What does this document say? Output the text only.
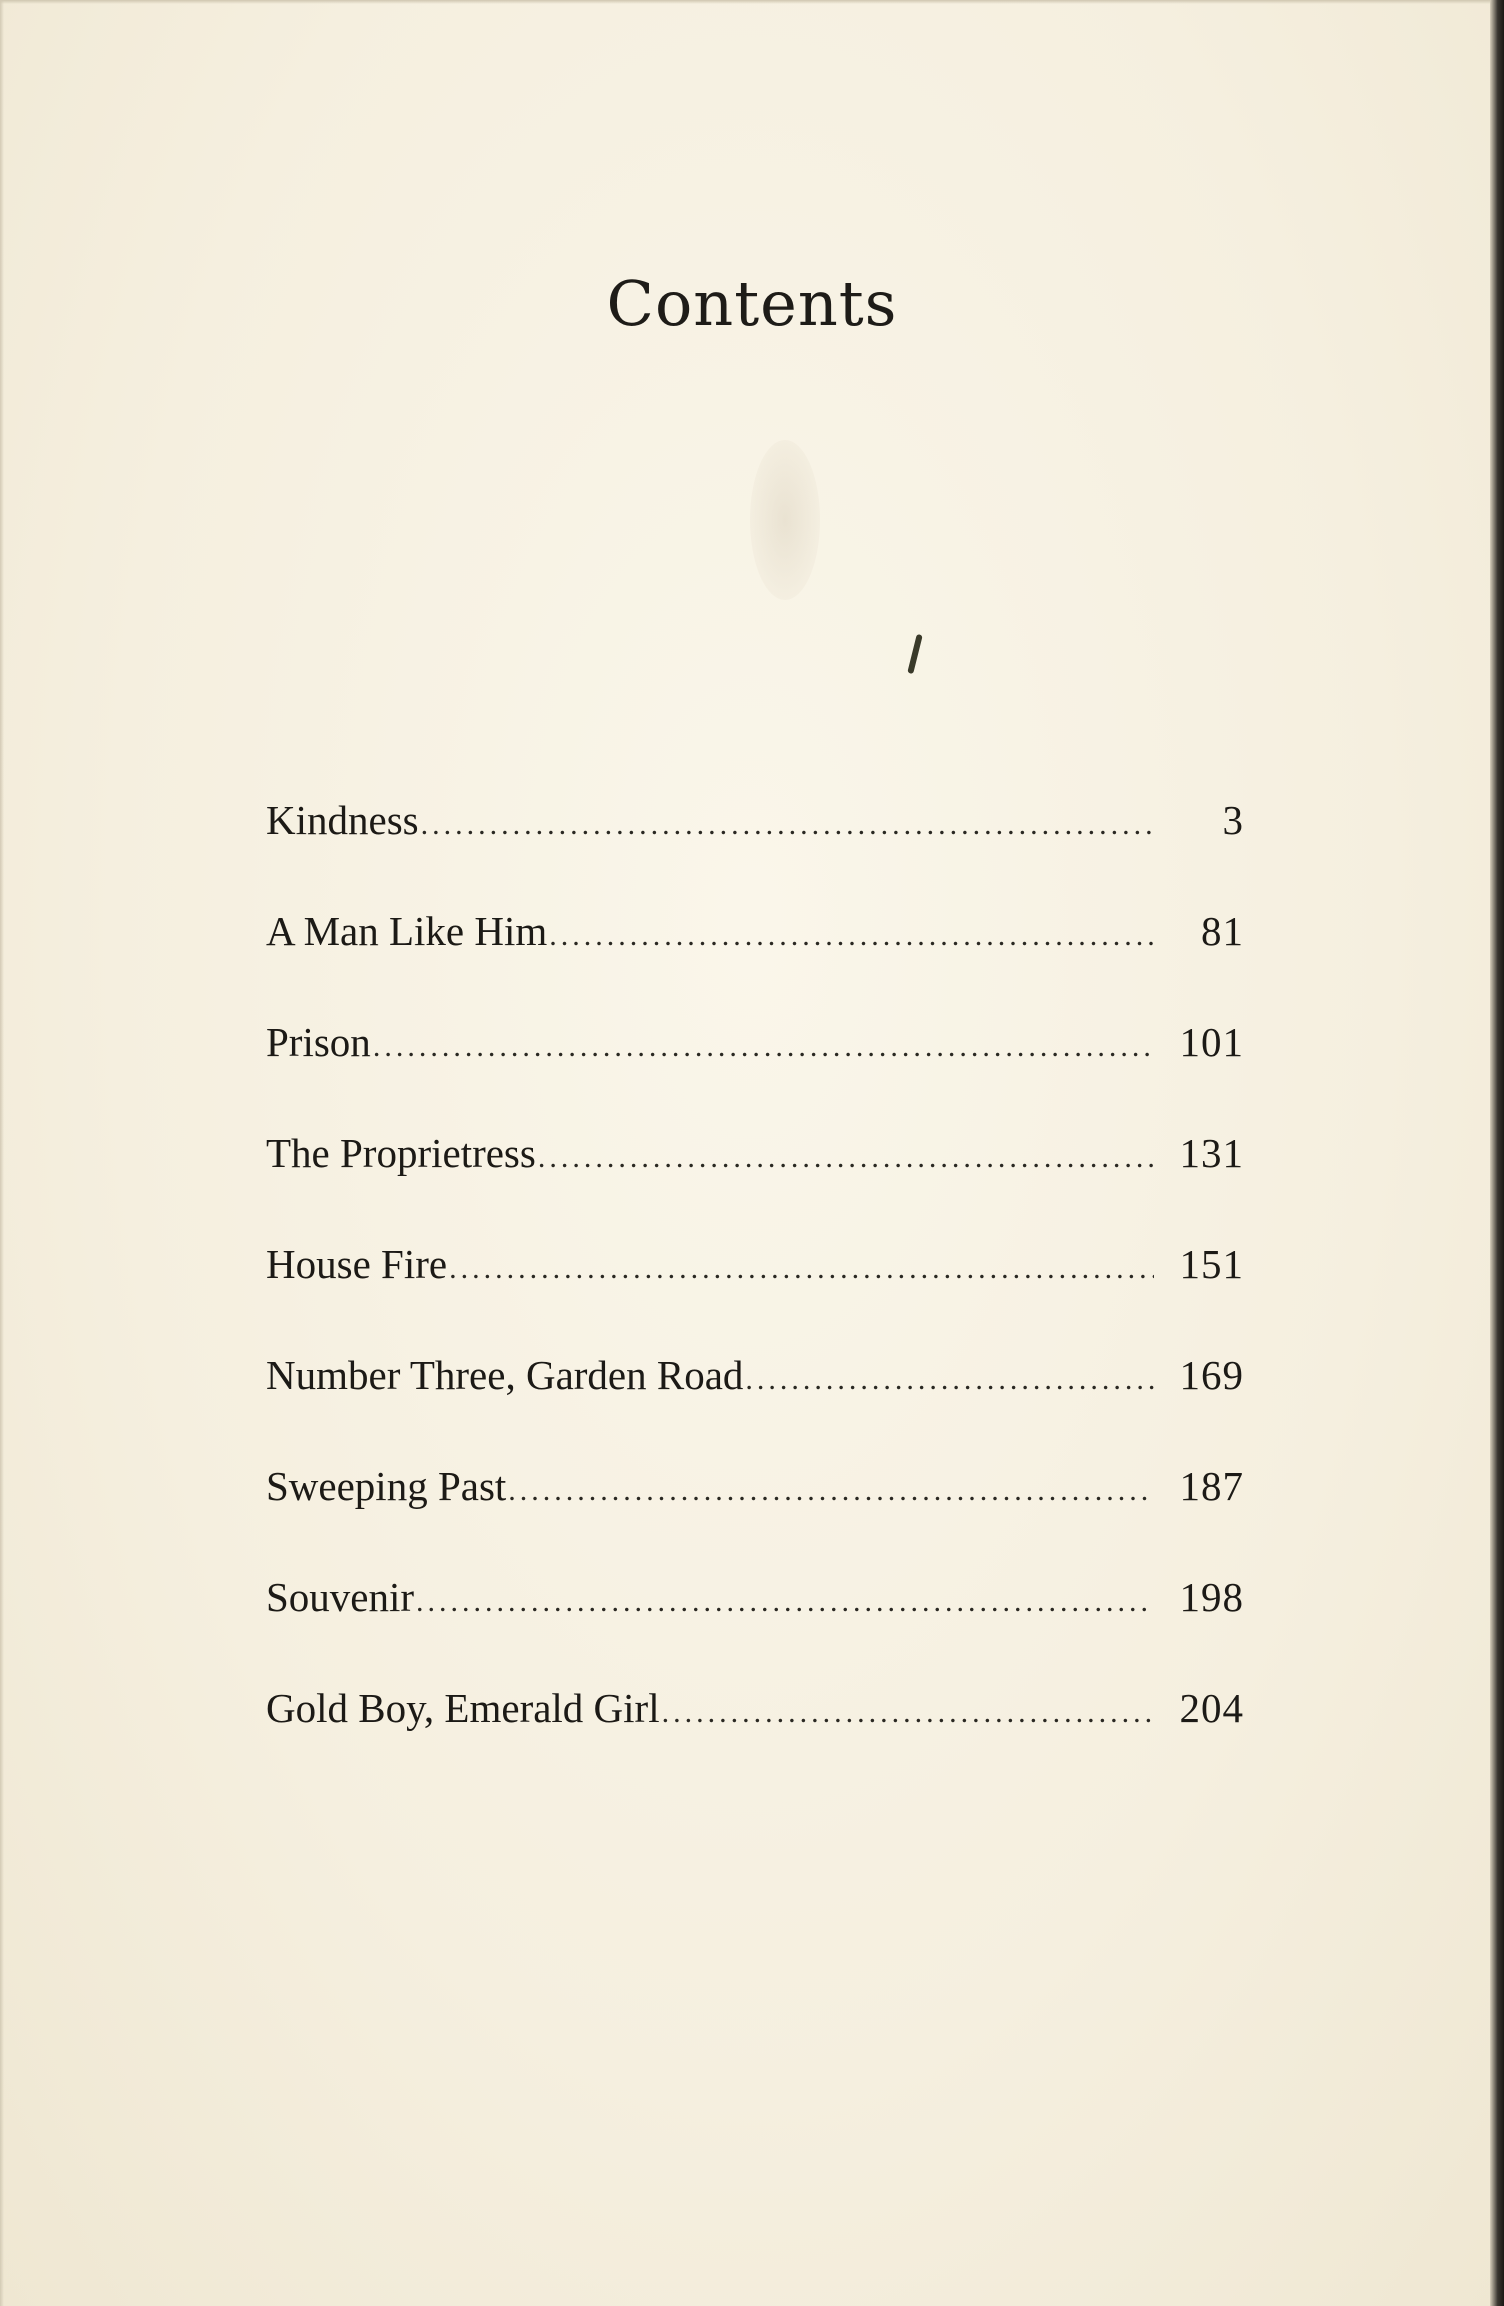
Contents
Kindness .....	3
A Man Like Him .....	81
Prison .....	101
The Proprietress .....	131
House Fire .....	151
Number Three, Garden Road .....	169
Sweeping Past .....	187
Souvenir .....	198
Gold Boy, Emerald Girl .....	204
